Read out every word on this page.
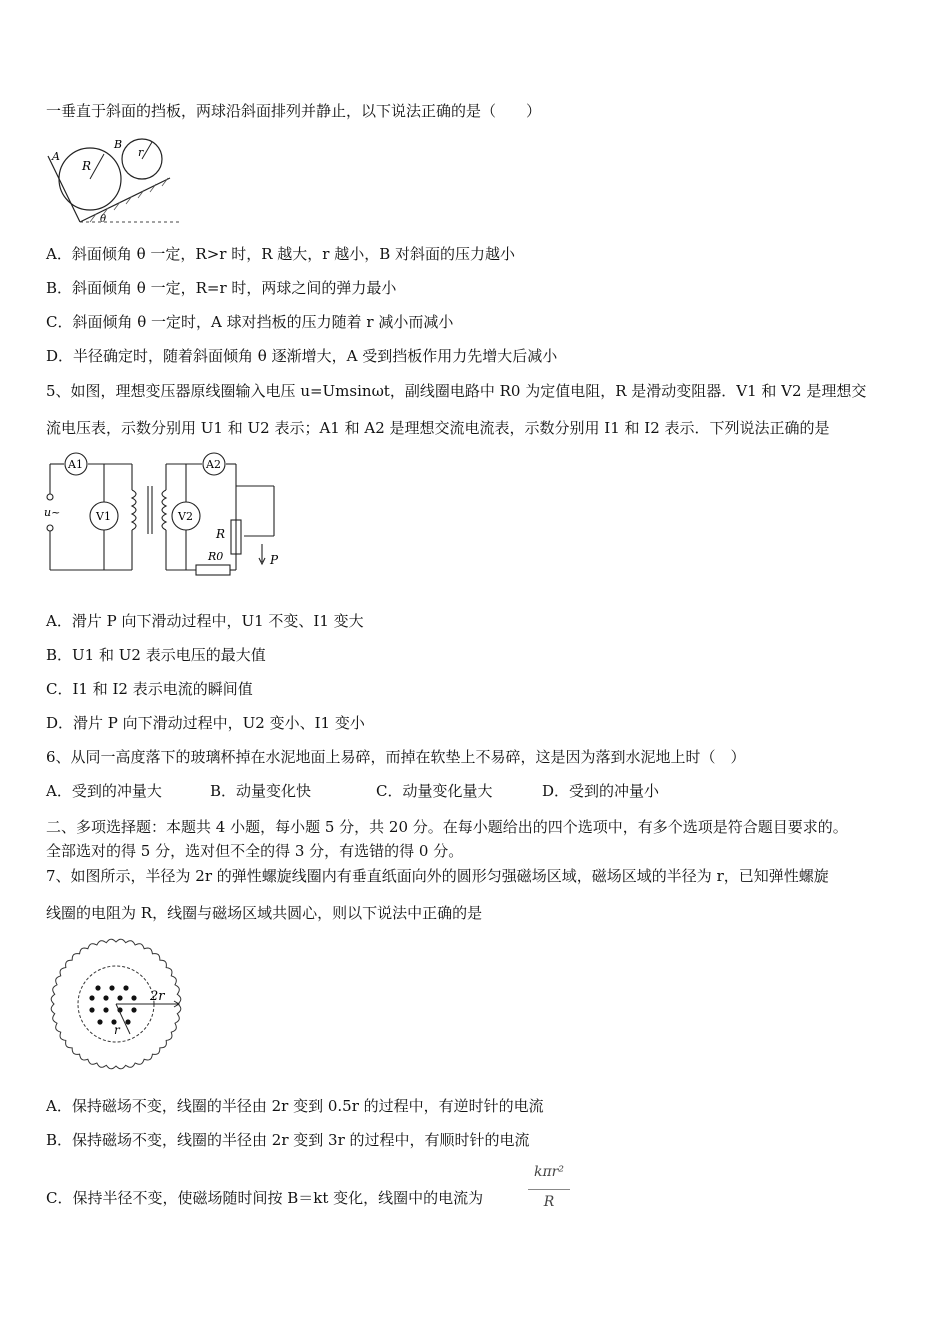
一垂直于斜面的挡板，两球沿斜面排列并静止，以下说法正确的是（　　）
A
R
B
r
θ
A．斜面倾角 θ 一定，R>r 时，R 越大，r 越小，B 对斜面的压力越小
B．斜面倾角 θ 一定，R=r 时，两球之间的弹力最小
C．斜面倾角 θ 一定时，A 球对挡板的压力随着 r 减小而减小
D．半径确定时，随着斜面倾角 θ 逐渐增大，A 受到挡板作用力先增大后减小
5、如图，理想变压器原线圈输入电压 u=Umsinωt，副线圈电路中 R0 为定值电阻，R 是滑动变阻器．V1 和 V2 是理想交
流电压表，示数分别用 U1 和 U2 表示；A1 和 A2 是理想交流电流表，示数分别用 I1 和 I2 表示．下列说法正确的是
A1
V1
u~
A2
V2
R
R0	P
A．滑片 P 向下滑动过程中，U1 不变、I1 变大
B．U1 和 U2 表示电压的最大值
C．I1 和 I2 表示电流的瞬间值
D．滑片 P 向下滑动过程中，U2 变小、I1 变小
6、从同一高度落下的玻璃杯掉在水泥地面上易碎，而掉在软垫上不易碎，这是因为落到水泥地上时（　）
A．受到的冲量大	B．动量变化快	C．动量变化量大	D．受到的冲量小
二、多项选择题：本题共 4 小题，每小题 5 分，共 20 分。在每小题给出的四个选项中，有多个选项是符合题目要求的。
全部选对的得 5 分，选对但不全的得 3 分，有选错的得 0 分。
7、如图所示，半径为 2r 的弹性螺旋线圈内有垂直纸面向外的圆形匀强磁场区域，磁场区域的半径为 r，已知弹性螺旋
线圈的电阻为 R，线圈与磁场区域共圆心，则以下说法中正确的是
2r
r
A．保持磁场不变，线圈的半径由 2r 变到 0.5r 的过程中，有逆时针的电流
B．保持磁场不变，线圈的半径由 2r 变到 3r 的过程中，有顺时针的电流
C．保持半径不变，使磁场随时间按 B＝kt 变化，线圈中的电流为
kπr²
R
